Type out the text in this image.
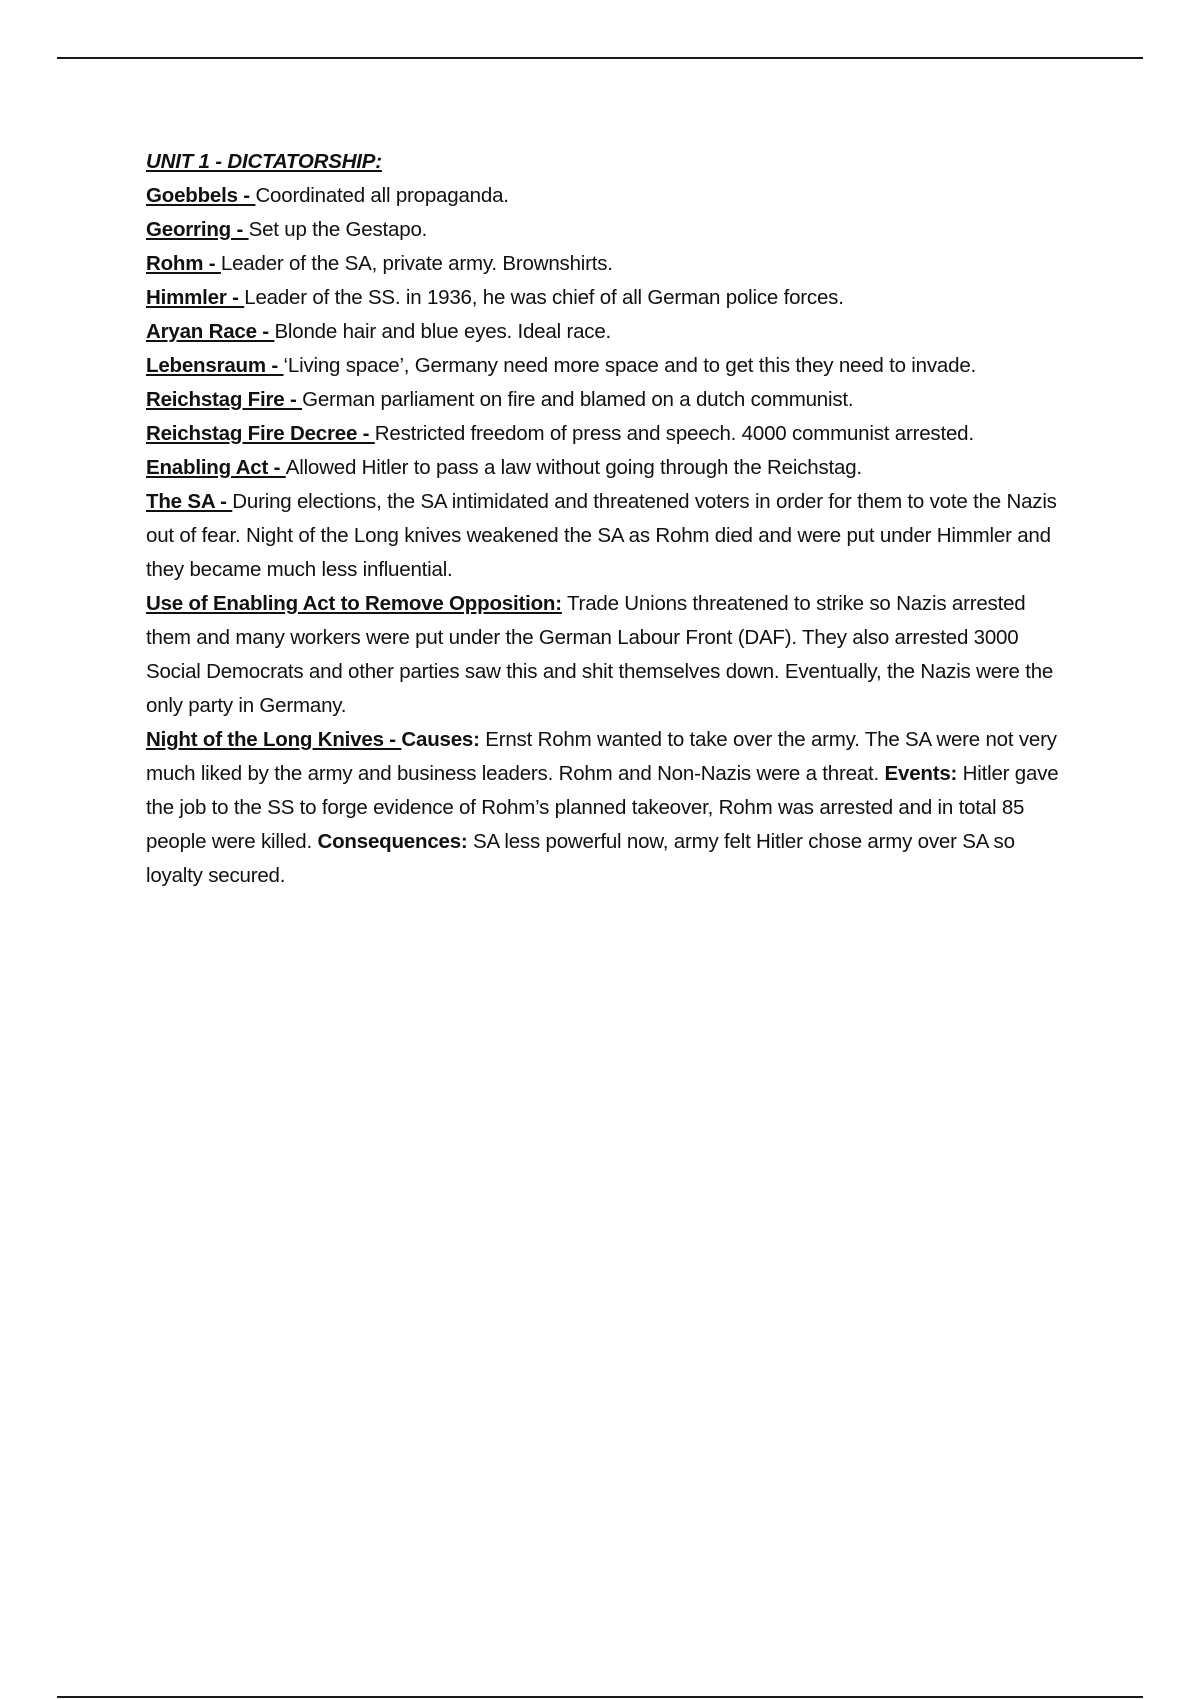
UNIT 1 - DICTATORSHIP:

Goebbels - Coordinated all propaganda.

Georring - Set up the Gestapo.

Rohm - Leader of the SA, private army. Brownshirts.

Himmler - Leader of the SS. in 1936, he was chief of all German police forces.

Aryan Race - Blonde hair and blue eyes. Ideal race.

Lebensraum - ‘Living space’, Germany need more space and to get this they need to invade.

Reichstag Fire - German parliament on fire and blamed on a dutch communist.

Reichstag Fire Decree - Restricted freedom of press and speech. 4000 communist arrested.

Enabling Act - Allowed Hitler to pass a law without going through the Reichstag.

The SA - During elections, the SA intimidated and threatened voters in order for them to vote the Nazis out of fear. Night of the Long knives weakened the SA as Rohm died and were put under Himmler and they became much less influential.

Use of Enabling Act to Remove Opposition: Trade Unions threatened to strike so Nazis arrested them and many workers were put under the German Labour Front (DAF). They also arrested 3000 Social Democrats and other parties saw this and shit themselves down. Eventually, the Nazis were the only party in Germany.

Night of the Long Knives - Causes: Ernst Rohm wanted to take over the army. The SA were not very much liked by the army and business leaders. Rohm and Non-Nazis were a threat. Events: Hitler gave the job to the SS to forge evidence of Rohm’s planned takeover, Rohm was arrested and in total 85 people were killed. Consequences: SA less powerful now, army felt Hitler chose army over SA so loyalty secured.
